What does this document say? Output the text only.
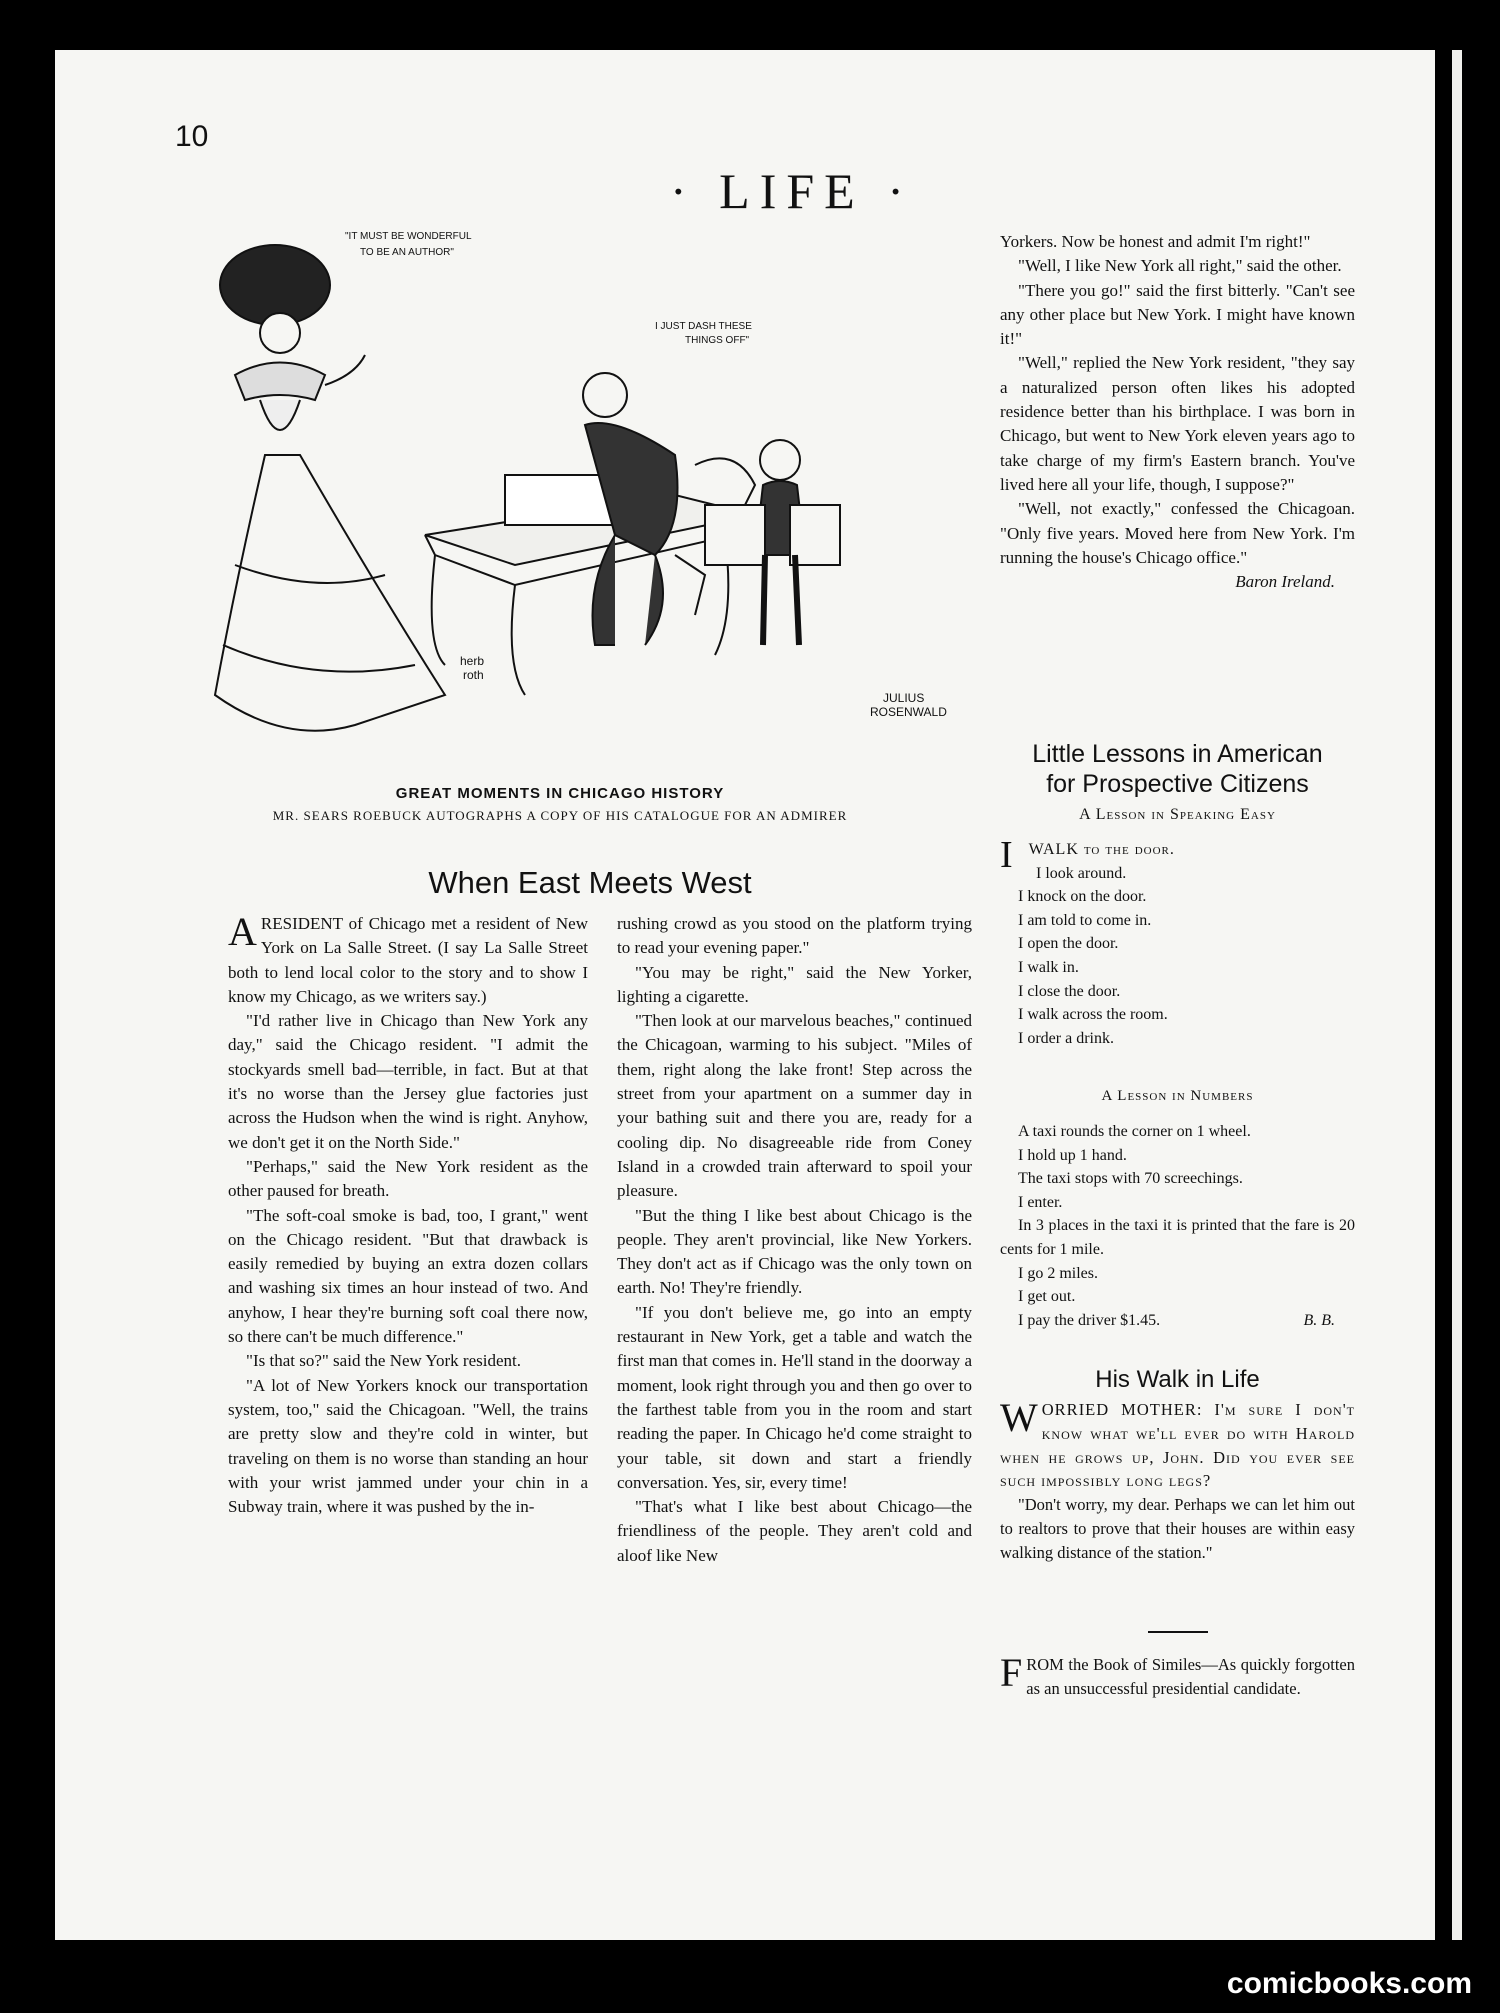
10
· LIFE ·
"IT MUST BE WONDERFUL
TO BE AN AUTHOR"
I JUST DASH THESE
THINGS OFF"
herb
roth
JULIUS
ROSENWALD
GREAT MOMENTS IN CHICAGO HISTORY
MR. SEARS ROEBUCK AUTOGRAPHS A COPY OF HIS CATALOGUE FOR AN ADMIRER
When East Meets West

ARESIDENT of Chicago met a resident of New York on La Salle Street. (I say La Salle Street both to lend local color to the story and to show I know my Chicago, as we writers say.)

"I'd rather live in Chicago than New York any day," said the Chicago resident. "I admit the stockyards smell bad—terrible, in fact. But at that it's no worse than the Jersey glue factories just across the Hudson when the wind is right. Anyhow, we don't get it on the North Side."

"Perhaps," said the New York resident as the other paused for breath.

"The soft-coal smoke is bad, too, I grant," went on the Chicago resident. "But that drawback is easily remedied by buying an extra dozen collars and washing six times an hour instead of two. And anyhow, I hear they're burning soft coal there now, so there can't be much difference."

"Is that so?" said the New York resident.

"A lot of New Yorkers knock our transportation system, too," said the Chicagoan. "Well, the trains are pretty slow and they're cold in winter, but traveling on them is no worse than standing an hour with your wrist jammed under your chin in a Subway train, where it was pushed by the in-

rushing crowd as you stood on the platform trying to read your evening paper."

"You may be right," said the New Yorker, lighting a cigarette.

"Then look at our marvelous beaches," continued the Chicagoan, warming to his subject. "Miles of them, right along the lake front! Step across the street from your apartment on a summer day in your bathing suit and there you are, ready for a cooling dip. No disagreeable ride from Coney Island in a crowded train afterward to spoil your pleasure.

"But the thing I like best about Chicago is the people. They aren't provincial, like New Yorkers. They don't act as if Chicago was the only town on earth. No! They're friendly.

"If you don't believe me, go into an empty restaurant in New York, get a table and watch the first man that comes in. He'll stand in the doorway a moment, look right through you and then go over to the farthest table from you in the room and start reading the paper. In Chicago he'd come straight to your table, sit down and start a friendly conversation. Yes, sir, every time!

"That's what I like best about Chicago—the friendliness of the people. They aren't cold and aloof like New

Yorkers. Now be honest and admit I'm right!"

"Well, I like New York all right," said the other.

"There you go!" said the first bitterly. "Can't see any other place but New York. I might have known it!"

"Well," replied the New York resident, "they say a naturalized person often likes his adopted residence better than his birthplace. I was born in Chicago, but went to New York eleven years ago to take charge of my firm's Eastern branch. You've lived here all your life, though, I suppose?"

"Well, not exactly," confessed the Chicagoan. "Only five years. Moved here from New York. I'm running the house's Chicago office."

Baron Ireland.
Little Lessons in American
for Prospective Citizens
A Lesson in Speaking Easy
I WALK to the door.
I look around.
I knock on the door.
I am told to come in.
I open the door.
I walk in.
I close the door.
I walk across the room.
I order a drink.
A Lesson in Numbers
A taxi rounds the corner on 1 wheel.
I hold up 1 hand.
The taxi stops with 70 screechings.
I enter.
In 3 places in the taxi it is printed that the fare is 20 cents for 1 mile.
I go 2 miles.
I get out.
I pay the driver $1.45.	B. B.
His Walk in Life

WORRIED MOTHER: I'm sure I don't know what we'll ever do with Harold when he grows up, John. Did you ever see such impossibly long legs?

"Don't worry, my dear. Perhaps we can let him out to realtors to prove that their houses are within easy walking distance of the station."

FROM the Book of Similes—As quickly forgotten as an unsuccessful presidential candidate.

comicbooks.com
